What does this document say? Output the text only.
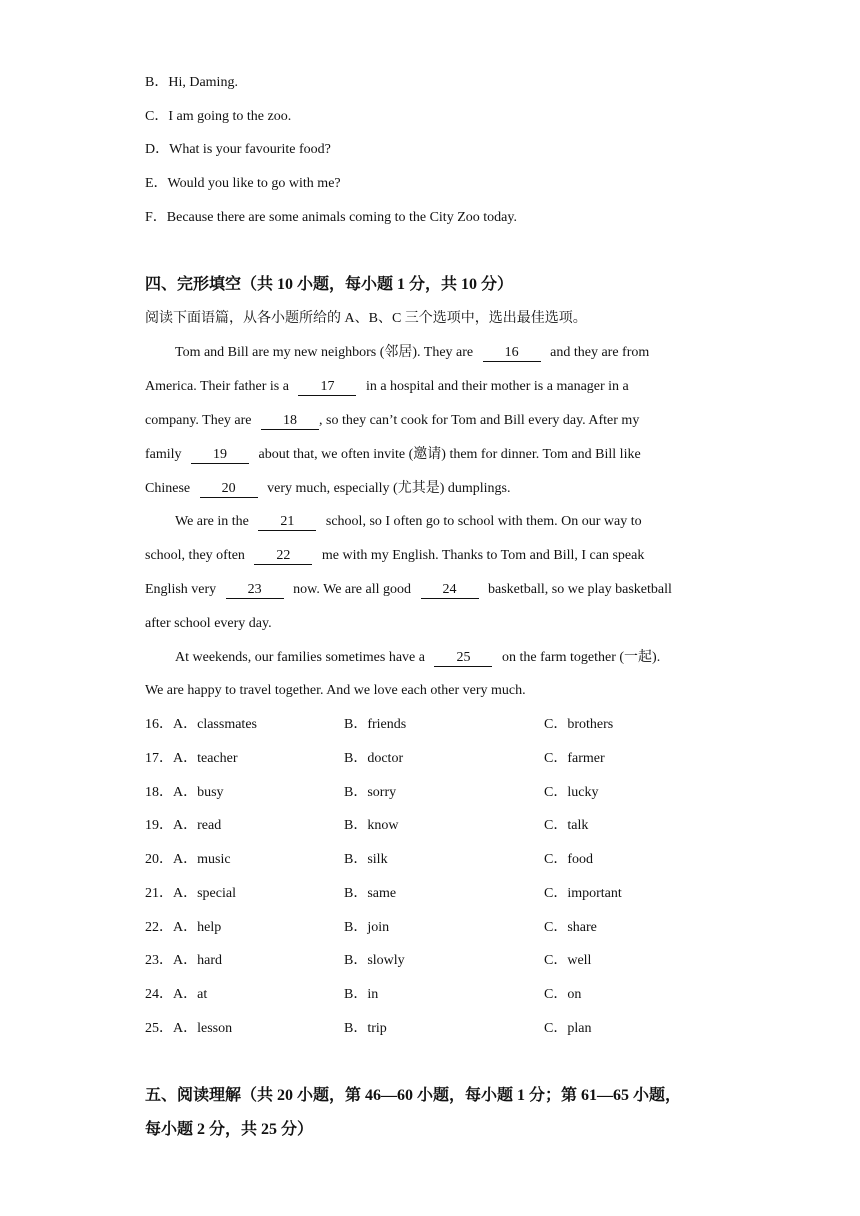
B．Hi, Daming.
C．I am going to the zoo.
D．What is your favourite food?
E．Would you like to go with me?
F．Because there are some animals coming to the City Zoo today.
四、完形填空（共 10 小题，每小题 1 分，共 10 分）
阅读下面语篇，从各小题所给的 A、B、C 三个选项中，选出最佳选项。
Tom and Bill are my new neighbors (邻居). They are 16 and they are from
America. Their father is a 17 in a hospital and their mother is a manager in a
company. They are 18 , so they can’t cook for Tom and Bill every day. After my
family 19 about that, we often invite (邀请) them for dinner. Tom and Bill like
Chinese 20 very much, especially (尤其是) dumplings.
We are in the 21 school, so I often go to school with them. On our way to
school, they often 22 me with my English. Thanks to Tom and Bill, I can speak
English very 23 now. We are all good 24 basketball, so we play basketball
after school every day.
At weekends, our families sometimes have a 25 on the farm together (一起).
We are happy to travel together. And we love each other very much.
16．A．classmates	B．friends	C．brothers
17．A．teacher	B．doctor	C．farmer
18．A．busy	B．sorry	C．lucky
19．A．read	B．know	C．talk
20．A．music	B．silk	C．food
21．A．special	B．same	C．important
22．A．help	B．join	C．share
23．A．hard	B．slowly	C．well
24．A．at	B．in	C．on
25．A．lesson	B．trip	C．plan
五、阅读理解（共 20 小题，第 46—60 小题，每小题 1 分；第 61—65 小题，
每小题 2 分，共 25 分）
